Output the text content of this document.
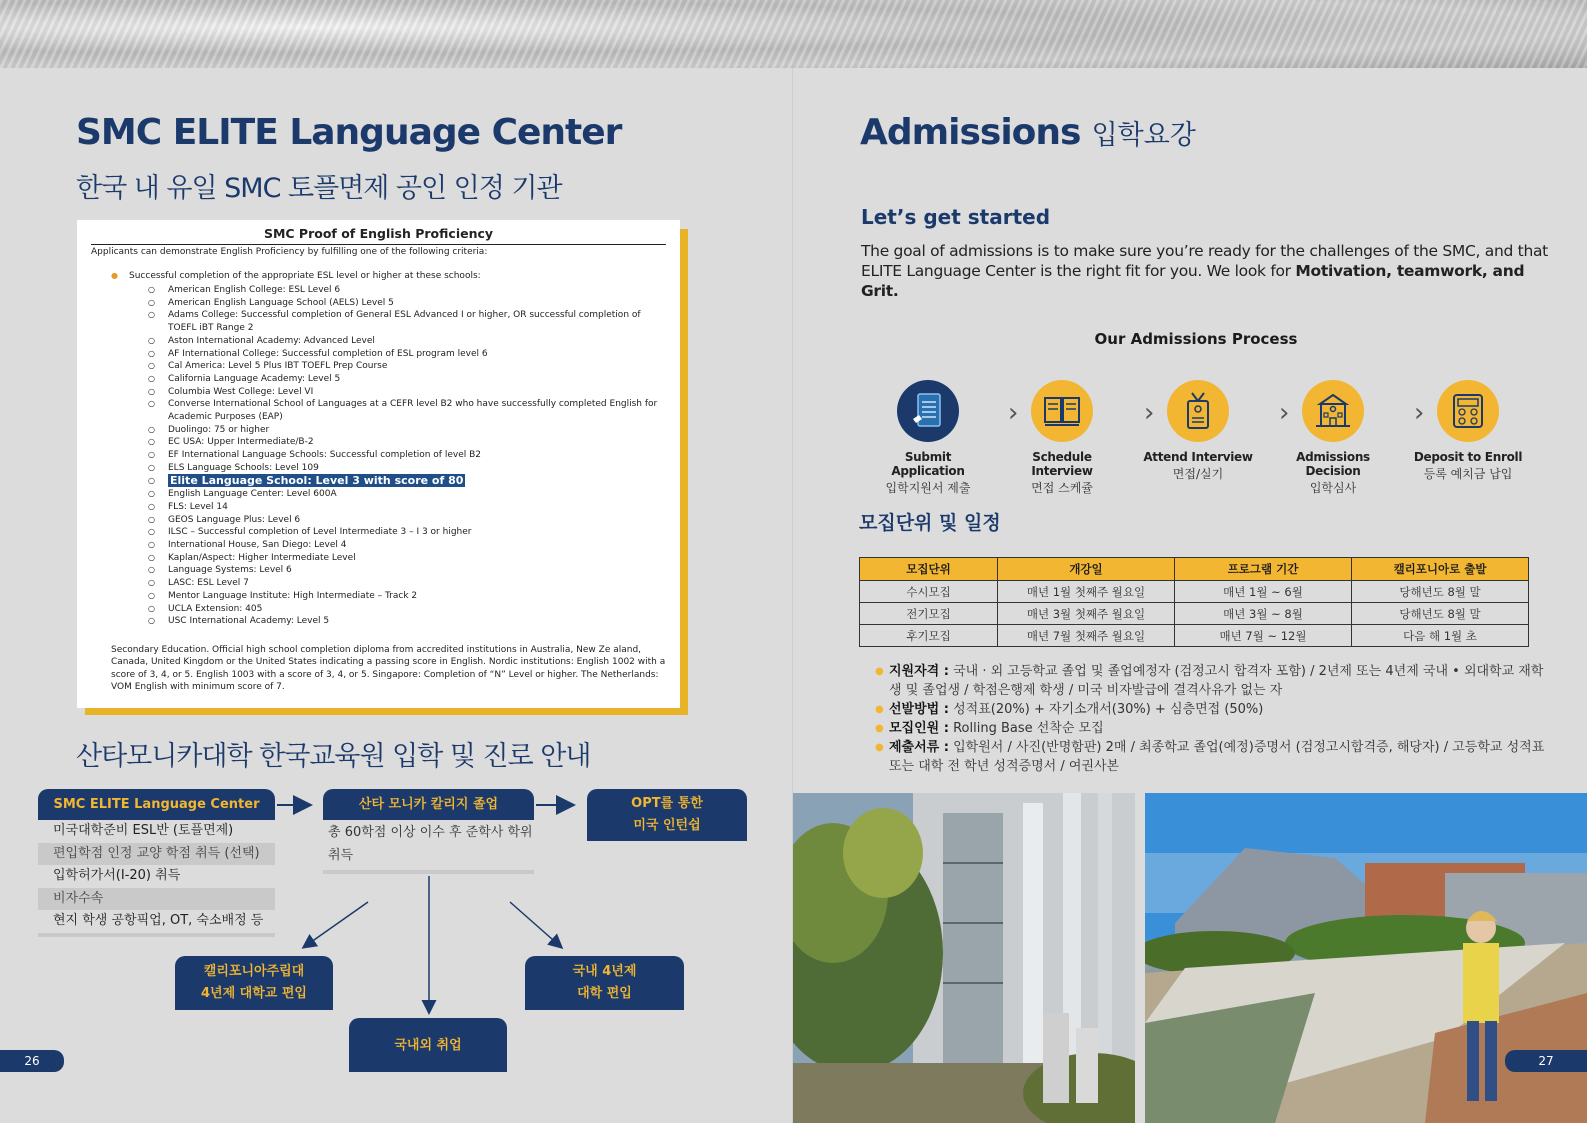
SMC ELITE Language Center
한국 내 유일 SMC 토플면제 공인 인정 기관
SMC Proof of English Proficiency
Applicants can demonstrate English Proficiency by fulfilling one of the following criteria:
● Successful completion of the appropriate ESL level or higher at these schools:
○ American English College: ESL Level 6
○ American English Language School (AELS) Level 5
○ Adams College: Successful completion of General ESL Advanced I or higher, OR successful completion of TOEFL iBT Range 2
○ Aston International Academy: Advanced Level
○ AF International College: Successful completion of ESL program level 6
○ Cal America: Level 5 Plus IBT TOEFL Prep Course
○ California Language Academy: Level 5
○ Columbia West College: Level VI
○ Converse International School of Languages at a CEFR level B2 who have successfully completed English for Academic Purposes (EAP)
○ Duolingo: 75 or higher
○ EC USA: Upper Intermediate/B-2
○ EF International Language Schools: Successful completion of level B2
○ ELS Language Schools: Level 109
○ Elite Language School: Level 3 with score of 80
○ English Language Center: Level 600A
○ FLS: Level 14
○ GEOS Language Plus: Level 6
○ ILSC – Successful completion of Level Intermediate 3 – I 3 or higher
○ International House, San Diego: Level 4
○ Kaplan/Aspect: Higher Intermediate Level
○ Language Systems: Level 6
○ LASC: ESL Level 7
○ Mentor Language Institute: High Intermediate – Track 2
○ UCLA Extension: 405
○ USC International Academy: Level 5
Secondary Education. Official high school completion diploma from accredited institutions in Australia, New Ze aland, Canada, United Kingdom or the United States indicating a passing score in English. Nordic institutions: English 1002 with a score of 3, 4, or 5. English 1003 with a score of 3, 4, or 5. Singapore: Completion of “N” Level or higher. The Netherlands: VOM English with minimum score of 7.
산타모니카대학 한국교육원 입학 및 진로 안내
SMC ELITE Language Center
미국대학준비 ESL반 (토플면제)
편입학점 인정 교양 학점 취득 (선택)
입학허가서(I-20) 취득
비자수속
현지 학생 공항픽업, OT, 숙소배정 등
산타 모니카 칼리지 졸업
총 60학점 이상 이수 후 준학사 학위 취득
OPT를 통한
미국 인턴쉽
캘리포니아주립대
4년제 대학교 편입
국내외 취업
국내 4년제
대학 편입
26
Admissions 입학요강
Let’s get started
The goal of admissions is to make sure you’re ready for the challenges of the SMC, and that ELITE Language Center is the right fit for you. We look for Motivation, teamwork, and Grit.
Our Admissions Process
Submit Application
입학지원서 제출
›
Schedule Interview
면접 스케쥴
›
Attend Interview
면접/실기
›
Admissions Decision
입학심사
›
Deposit to Enroll
등록 예치금 납입
모집단위 및 일정
모집단위	개강일	프로그램 기간	캘리포니아로 출발
수시모집	매년 1월 첫째주 월요일	매년 1월 ~ 6월	당해년도 8월 말
전기모집	매년 3월 첫째주 월요일	매년 3월 ~ 8월	당해년도 8월 말
후기모집	매년 7월 첫째주 월요일	매년 7월 ~ 12월	다음 해 1월 초
● 지원자격 : 국내 · 외 고등학교 졸업 및 졸업예정자 (검정고시 합격자 포함) / 2년제 또는 4년제 국내 • 외대학교 재학생 및 졸업생 / 학점은행제 학생 / 미국 비자발급에 결격사유가 없는 자
● 선발방법 : 성적표(20%) + 자기소개서(30%) + 심층면접 (50%)
● 모집인원 : Rolling Base 선착순 모집
● 제출서류 : 입학원서 / 사진(반명함판) 2매 / 최종학교 졸업(예정)증명서 (검정고시합격증, 해당자) / 고등학교 성적표 또는 대학 전 학년 성적증명서 / 여권사본
27
